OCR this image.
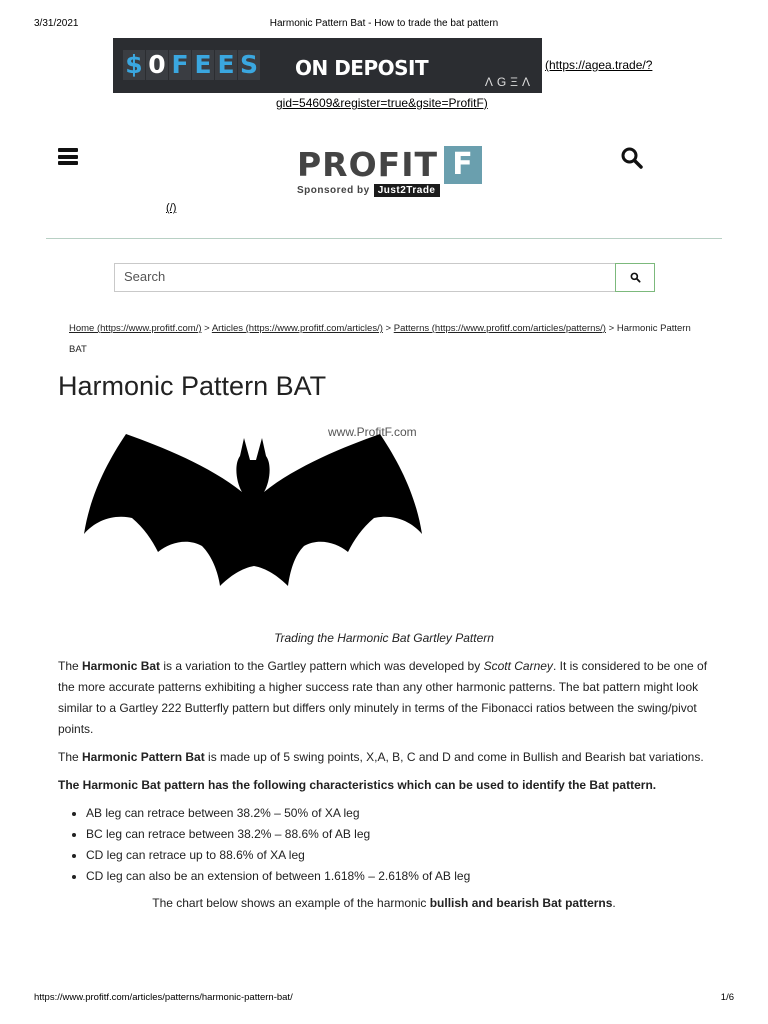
3/31/2021	Harmonic Pattern Bat - How to trade the bat pattern
$ 0 F E E S ON DEPOSIT
ΛGΞΛ
(https://agea.trade/?
gid=54609&register=true&gsite=ProfitF)
PROFIT F
Sponsored by Just2Trade
(/)
Search
Home (https://www.profitf.com/) > Articles (https://www.profitf.com/articles/) > Patterns (https://www.profitf.com/articles/patterns/) > Harmonic Pattern BAT
Harmonic Pattern BAT
www.ProfitF.com
Trading the Harmonic Bat Gartley Pattern

The Harmonic Bat is a variation to the Gartley pattern which was developed by Scott Carney. It is considered to be one of the more accurate patterns exhibiting a higher success rate than any other harmonic patterns. The bat pattern might look similar to a Gartley 222 Butterfly pattern but differs only minutely in terms of the Fibonacci ratios between the swing/pivot points.

The Harmonic Pattern Bat is made up of 5 swing points, X,A, B, C and D and come in Bullish and Bearish bat variations.

The Harmonic Bat pattern has the following characteristics which can be used to identify the Bat pattern.

• AB leg can retrace between 38.2% – 50% of XA leg
• BC leg can retrace between 38.2% – 88.6% of AB leg
• CD leg can retrace up to 88.6% of XA leg
• CD leg can also be an extension of between 1.618% – 2.618% of AB leg

The chart below shows an example of the harmonic bullish and bearish Bat patterns.

https://www.profitf.com/articles/patterns/harmonic-pattern-bat/	1/6
